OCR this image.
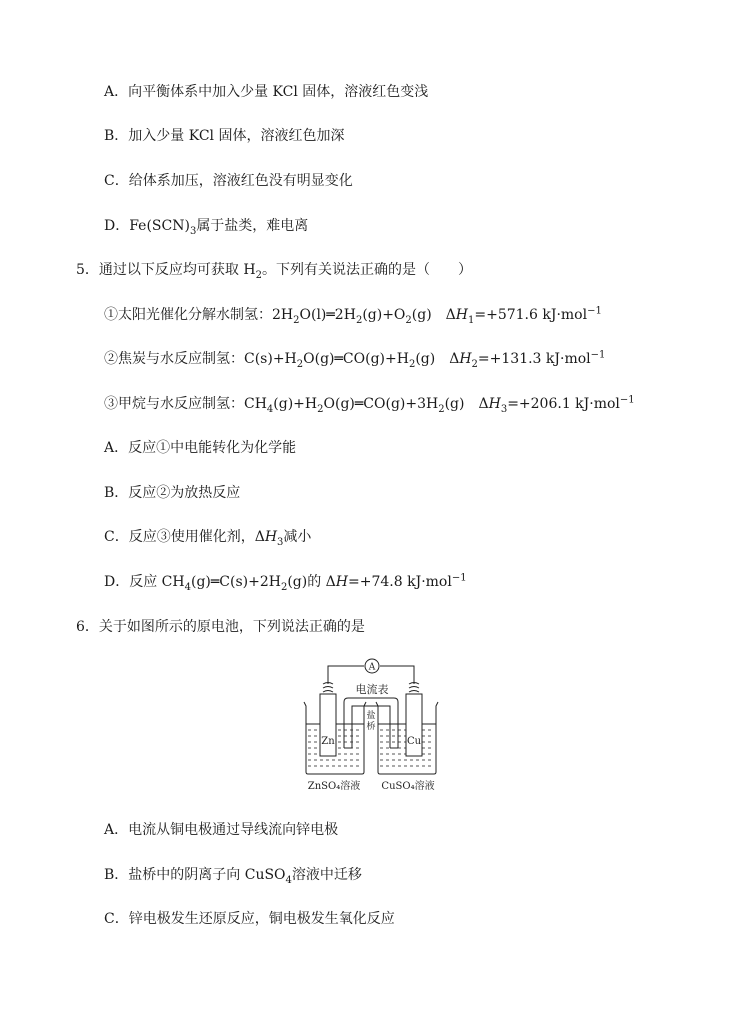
A．向平衡体系中加入少量 KCl 固体，溶液红色变浅
B．加入少量 KCl 固体，溶液红色加深
C．给体系加压，溶液红色没有明显变化
D．$Fe(SCN)_3$属于盐类，难电离
5．通过以下反应均可获取 $H_2$。下列有关说法正确的是（　　）
①太阳光催化分解水制氢：$2H_2O(l)═2H_2(g)+O_2(g)$　$\Delta H_1=+571.6$ kJ·mol$^{-1}$
②焦炭与水反应制氢：$C(s)+H_2O(g)═CO(g)+H_2(g)$　$\Delta H_2=+131.3$ kJ·mol$^{-1}$
③甲烷与水反应制氢：$CH_4(g)+H_2O(g)═CO(g)+3H_2(g)$　$\Delta H_3=+206.1$ kJ·mol$^{-1}$
A．反应①中电能转化为化学能
B．反应②为放热反应
C．反应③使用催化剂，$\Delta H_3$减小
D．反应 $CH_4(g)═C(s)+2H_2(g)$的 ΔH=+74.8 kJ·mol$^{-1}$
6．关于如图所示的原电池，下列说法正确的是
A
电流表
Zn	Cu
盐桥
ZnSO₄溶液 CuSO₄溶液
A．电流从铜电极通过导线流向锌电极
B．盐桥中的阴离子向 CuSO$_4$溶液中迁移
C．锌电极发生还原反应，铜电极发生氧化反应
